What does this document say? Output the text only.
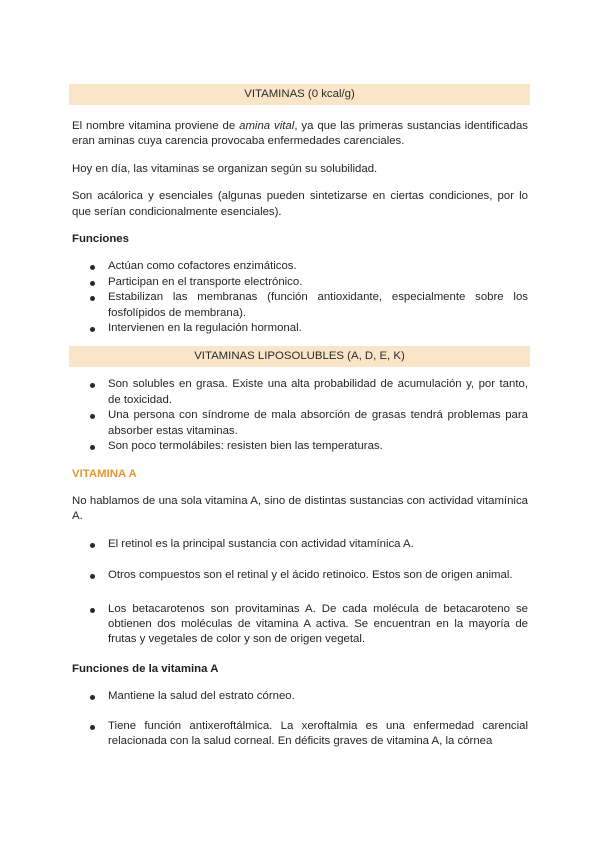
VITAMINAS (0 kcal/g)

El nombre vitamina proviene de amina vital, ya que las primeras sustancias identificadas eran aminas cuya carencia provocaba enfermedades carenciales.

Hoy en día, las vitaminas se organizan según su solubilidad.

Son acálorica y esenciales (algunas pueden sintetizarse en ciertas condiciones, por lo que serían condicionalmente esenciales).

Funciones

Actúan como cofactores enzimáticos.
Participan en el transporte electrónico.
Estabilizan las membranas (función antioxidante, especialmente sobre los fosfolípidos de membrana).
Intervienen en la regulación hormonal.
VITAMINAS LIPOSOLUBLES (A, D, E, K)
Son solubles en grasa. Existe una alta probabilidad de acumulación y, por tanto, de toxicidad.
Una persona con síndrome de mala absorción de grasas tendrá problemas para absorber estas vitaminas.
Son poco termolábiles: resisten bien las temperaturas.

VITAMINA A

No hablamos de una sola vitamina A, sino de distintas sustancias con actividad vitamínica A.

El retinol es la principal sustancia con actividad vitamínica A.
Otros compuestos son el retinal y el ácido retinoico. Estos son de origen animal.
Los betacarotenos son provitaminas A. De cada molécula de betacaroteno se obtienen dos moléculas de vitamina A activa. Se encuentran en la mayoría de frutas y vegetales de color y son de origen vegetal.

Funciones de la vitamina A

Mantiene la salud del estrato córneo.
Tiene función antixeroftálmica. La xeroftalmia es una enfermedad carencial relacionada con la salud corneal. En déficits graves de vitamina A, la córnea
